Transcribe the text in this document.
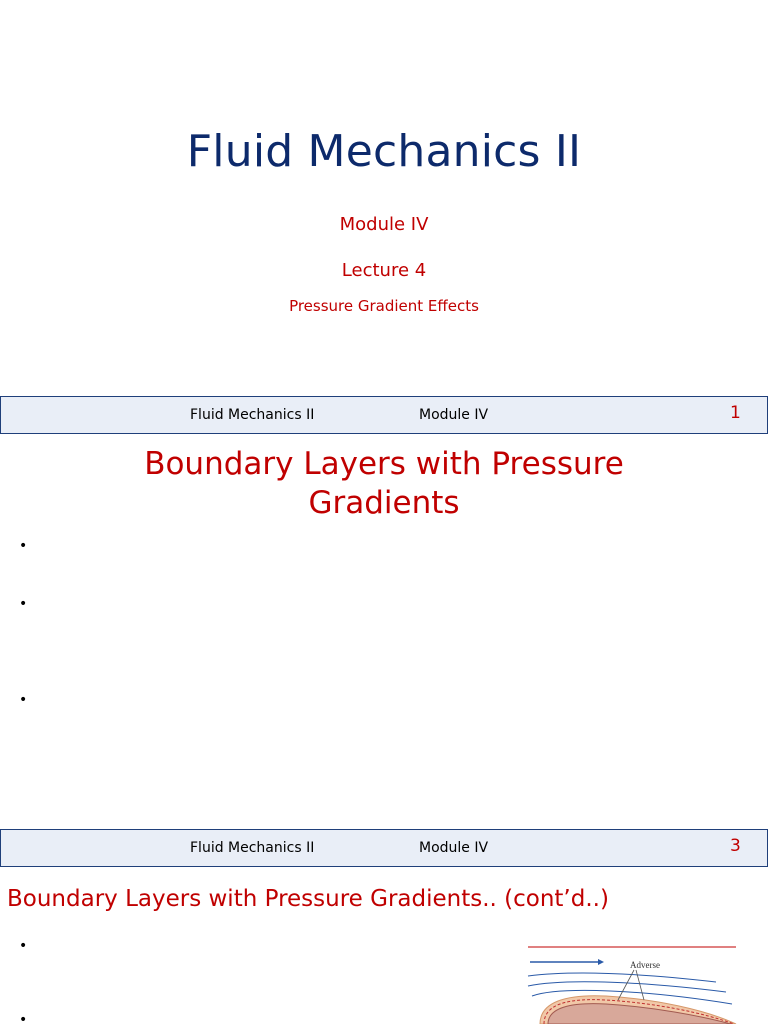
Fluid Mechanics II
Module IV
Lecture 4
Pressure Gradient Effects
Fluid Mechanics II	Module IV	1
Boundary Layers with Pressure
Gradients
•
•
•
Fluid Mechanics II	Module IV	3
Boundary Layers with Pressure Gradients.. (cont’d..)
•
•
Adverse
